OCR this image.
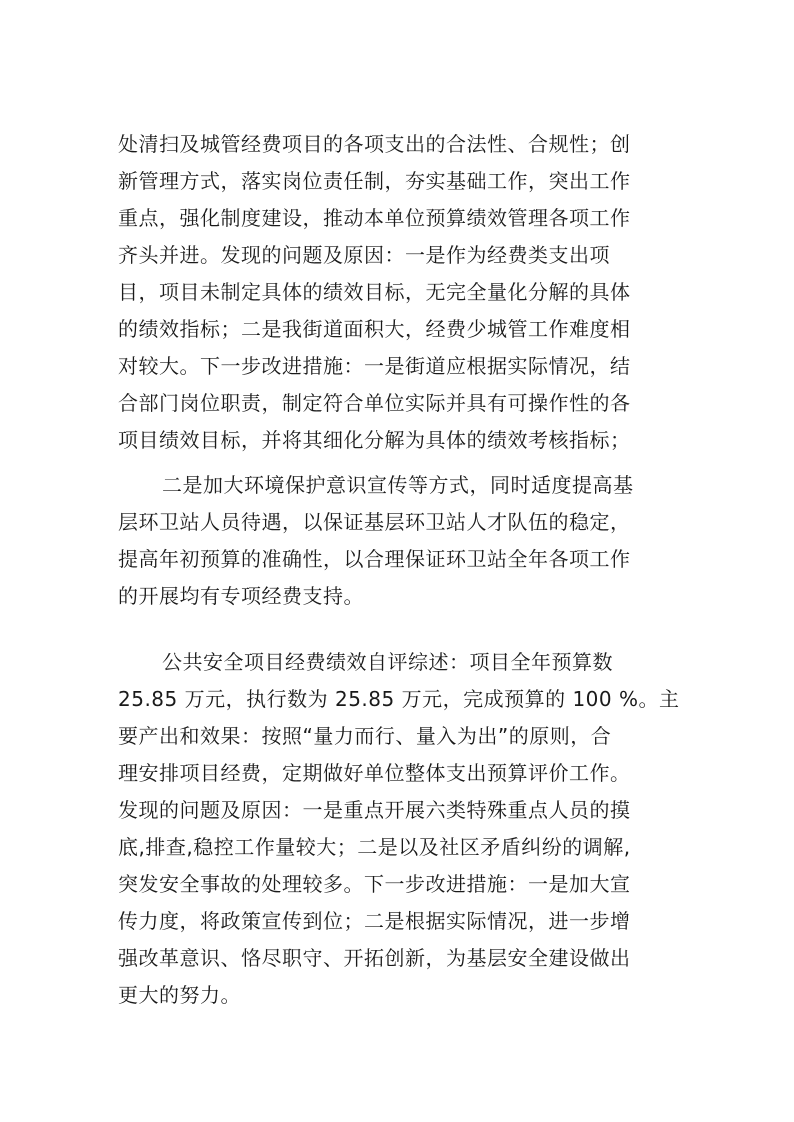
处清扫及城管经费项目的各项支出的合法性、合规性；创
新管理方式，落实岗位责任制，夯实基础工作，突出工作
重点，强化制度建设，推动本单位预算绩效管理各项工作
齐头并进。发现的问题及原因：一是作为经费类支出项
目，项目未制定具体的绩效目标，无完全量化分解的具体
的绩效指标；二是我街道面积大，经费少城管工作难度相
对较大。下一步改进措施：一是街道应根据实际情况，结
合部门岗位职责，制定符合单位实际并具有可操作性的各
项目绩效目标，并将其细化分解为具体的绩效考核指标；
二是加大环境保护意识宣传等方式，同时适度提高基
层环卫站人员待遇，以保证基层环卫站人才队伍的稳定，
提高年初预算的准确性，以合理保证环卫站全年各项工作
的开展均有专项经费支持。
公共安全项目经费绩效自评综述：项目全年预算数
25.85 万元，执行数为 25.85 万元，完成预算的 100 %。主
要产出和效果：按照“量力而行、量入为出”的原则，合
理安排项目经费，定期做好单位整体支出预算评价工作。
发现的问题及原因：一是重点开展六类特殊重点人员的摸
底,排查,稳控工作量较大；二是以及社区矛盾纠纷的调解,
突发安全事故的处理较多。下一步改进措施：一是加大宣
传力度，将政策宣传到位；二是根据实际情况，进一步增
强改革意识、恪尽职守、开拓创新，为基层安全建设做出
更大的努力。
